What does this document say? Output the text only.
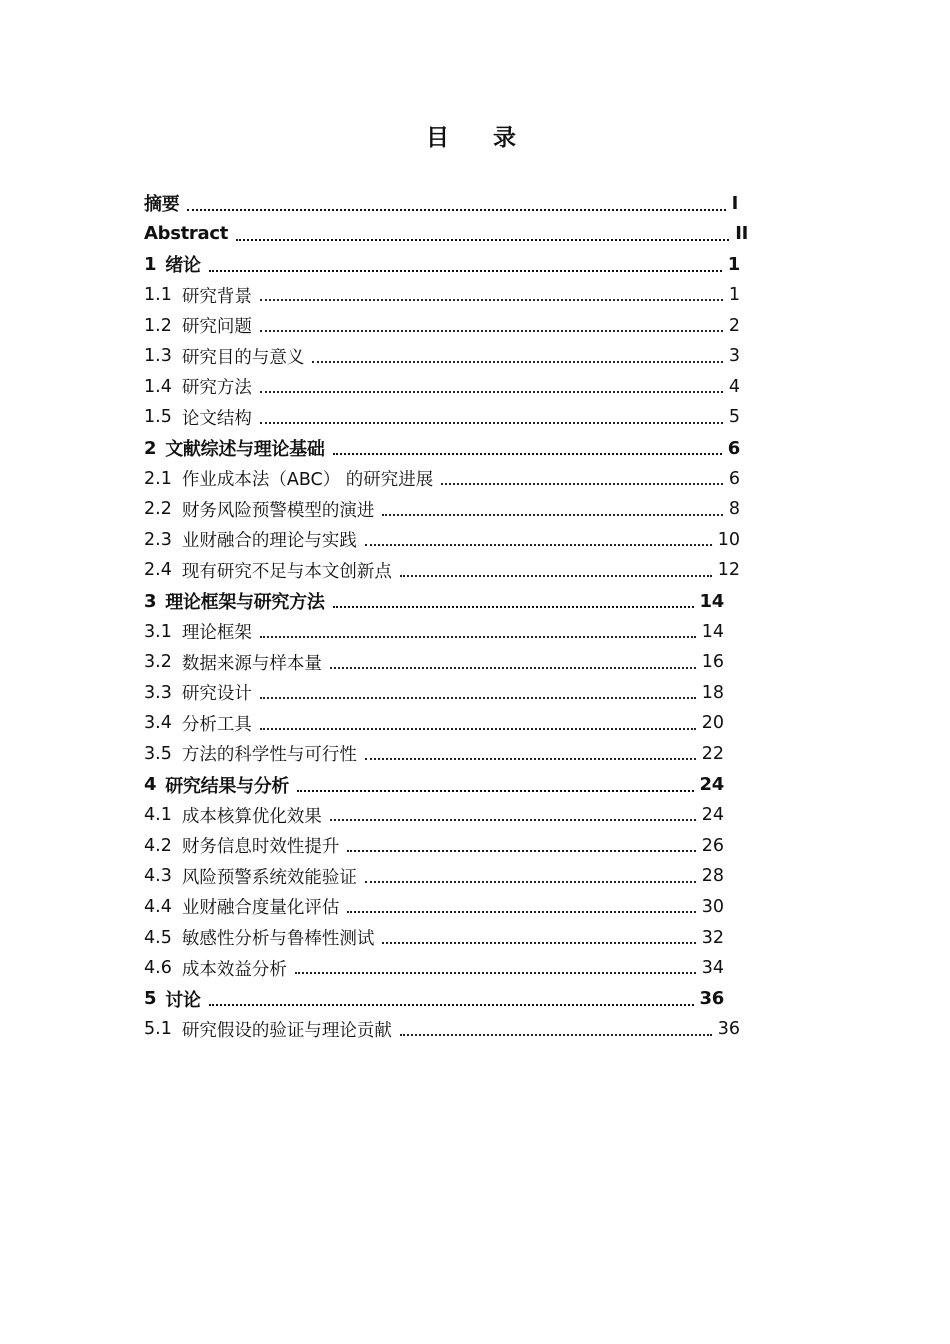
目 录
摘要	I
Abstract	II
1 绪论	1
1.1 研究背景	1
1.2 研究问题	2
1.3 研究目的与意义	3
1.4 研究方法	4
1.5 论文结构	5
2 文献综述与理论基础	6
2.1 作业成本法（ABC） 的研究进展	6
2.2 财务风险预警模型的演进	8
2.3 业财融合的理论与实践	10
2.4 现有研究不足与本文创新点	12
3 理论框架与研究方法	14
3.1 理论框架	14
3.2 数据来源与样本量	16
3.3 研究设计	18
3.4 分析工具	20
3.5 方法的科学性与可行性	22
4 研究结果与分析	24
4.1 成本核算优化效果	24
4.2 财务信息时效性提升	26
4.3 风险预警系统效能验证	28
4.4 业财融合度量化评估	30
4.5 敏感性分析与鲁棒性测试	32
4.6 成本效益分析	34
5 讨论	36
5.1 研究假设的验证与理论贡献	36
